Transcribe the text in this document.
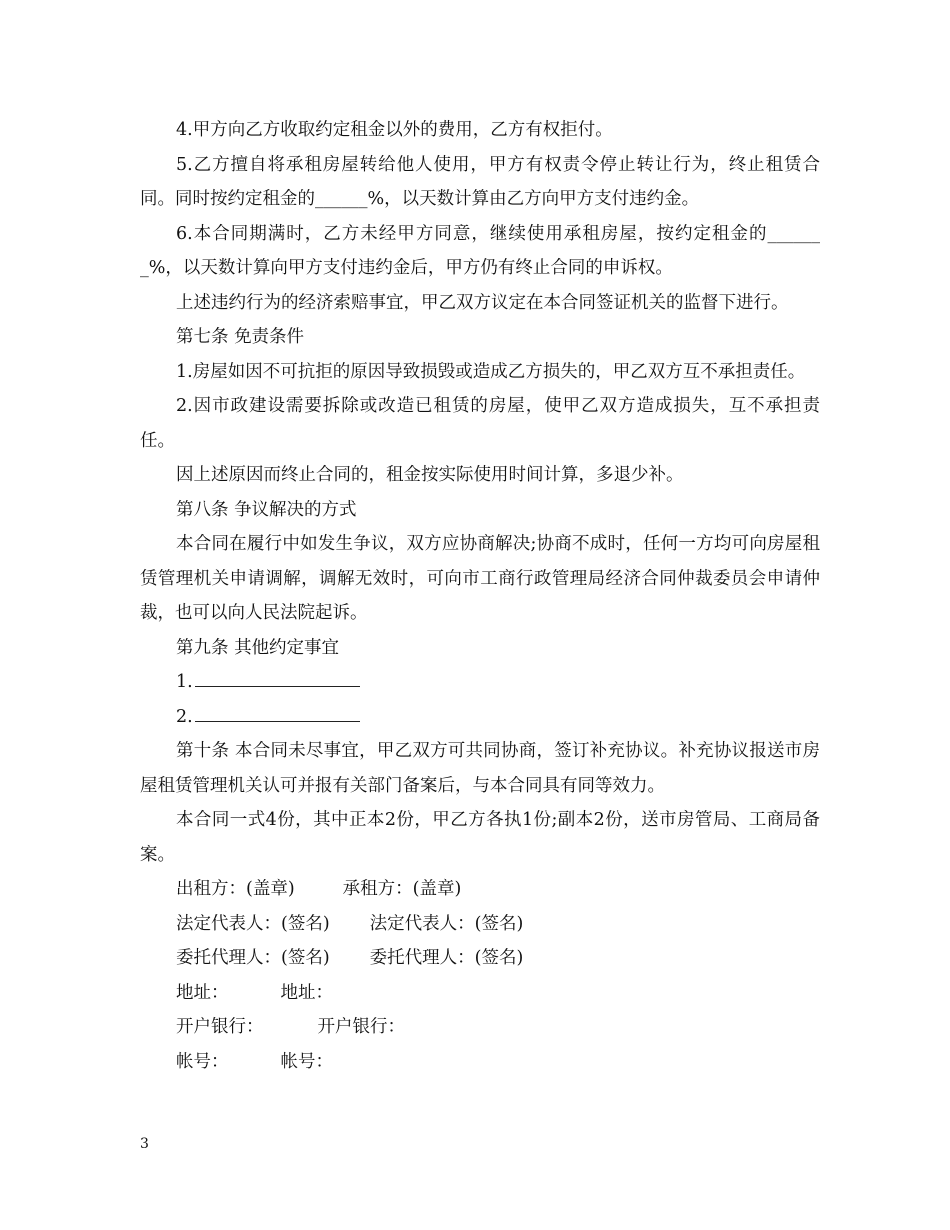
4.甲方向乙方收取约定租金以外的费用，乙方有权拒付。

5.乙方擅自将承租房屋转给他人使用，甲方有权责令停止转让行为，终止租赁合同。同时按约定租金的______%，以天数计算由乙方向甲方支付违约金。

6.本合同期满时，乙方未经甲方同意，继续使用承租房屋，按约定租金的_______%，以天数计算向甲方支付违约金后，甲方仍有终止合同的申诉权。

上述违约行为的经济索赔事宜，甲乙双方议定在本合同签证机关的监督下进行。

第七条 免责条件

1.房屋如因不可抗拒的原因导致损毁或造成乙方损失的，甲乙双方互不承担责任。

2.因市政建设需要拆除或改造已租赁的房屋，使甲乙双方造成损失，互不承担责任。

因上述原因而终止合同的，租金按实际使用时间计算，多退少补。

第八条 争议解决的方式

本合同在履行中如发生争议，双方应协商解决;协商不成时，任何一方均可向房屋租赁管理机关申请调解，调解无效时，可向市工商行政管理局经济合同仲裁委员会申请仲裁，也可以向人民法院起诉。

第九条 其他约定事宜

1.

2.

第十条 本合同未尽事宜，甲乙双方可共同协商，签订补充协议。补充协议报送市房屋租赁管理机关认可并报有关部门备案后，与本合同具有同等效力。

本合同一式4份，其中正本2份，甲乙方各执1份;副本2份，送市房管局、工商局备案。

出租方：(盖章)	承租方：(盖章)

法定代表人：(签名) 法定代表人：(签名)

委托代理人：(签名) 委托代理人：(签名)

地址：	地址：

开户银行：	开户银行：

帐号：	帐号：

3
